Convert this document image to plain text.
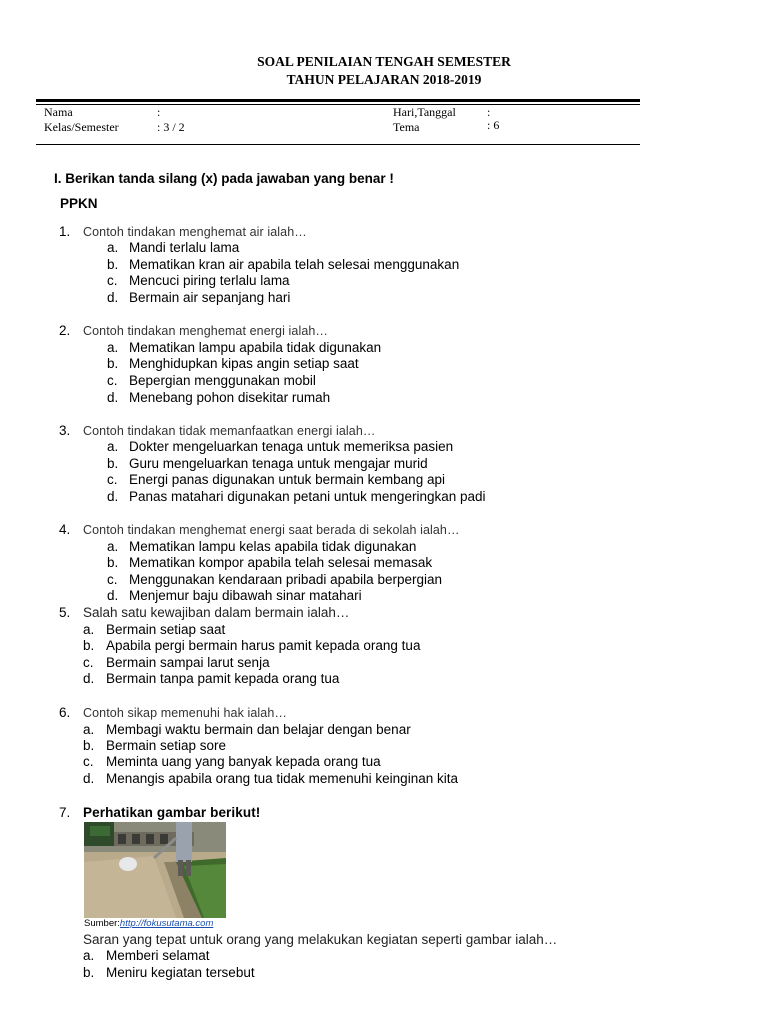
SOAL PENILAIAN TENGAH SEMESTER
TAHUN PELAJARAN 2018-2019
Nama	:	Hari,Tanggal	:
Kelas/Semester	: 3 / 2	Tema	: 6
I. Berikan tanda silang (x) pada jawaban yang benar !
PPKN
1. Contoh tindakan menghemat air ialah…
a. Mandi terlalu lama
b. Mematikan kran air apabila telah selesai menggunakan
c. Mencuci piring terlalu lama
d. Bermain air sepanjang hari
2. Contoh tindakan menghemat energi ialah…
a. Mematikan lampu apabila tidak digunakan
b. Menghidupkan kipas angin setiap saat
c. Bepergian menggunakan mobil
d. Menebang pohon disekitar rumah
3. Contoh tindakan tidak memanfaatkan energi ialah…
a. Dokter mengeluarkan tenaga untuk memeriksa pasien
b. Guru mengeluarkan tenaga untuk mengajar murid
c. Energi panas digunakan untuk bermain kembang api
d. Panas matahari digunakan petani untuk mengeringkan padi
4. Contoh tindakan menghemat energi saat berada di sekolah ialah…
a. Mematikan lampu kelas apabila tidak digunakan
b. Mematikan kompor apabila telah selesai memasak
c. Menggunakan kendaraan pribadi apabila berpergian
d. Menjemur baju dibawah sinar matahari
5. Salah satu kewajiban dalam bermain ialah…
a. Bermain setiap saat
b. Apabila pergi bermain harus pamit kepada orang tua
c. Bermain sampai larut senja
d. Bermain tanpa pamit kepada orang tua
6. Contoh sikap memenuhi hak ialah…
a. Membagi waktu bermain dan belajar dengan benar
b. Bermain setiap sore
c. Meminta uang yang banyak kepada orang tua
d. Menangis apabila orang tua tidak memenuhi keinginan kita
7. Perhatikan gambar berikut!
Sumber:http://fokusutama.com
Saran yang tepat untuk orang yang melakukan kegiatan seperti gambar ialah…
a. Memberi selamat
b. Meniru kegiatan tersebut
